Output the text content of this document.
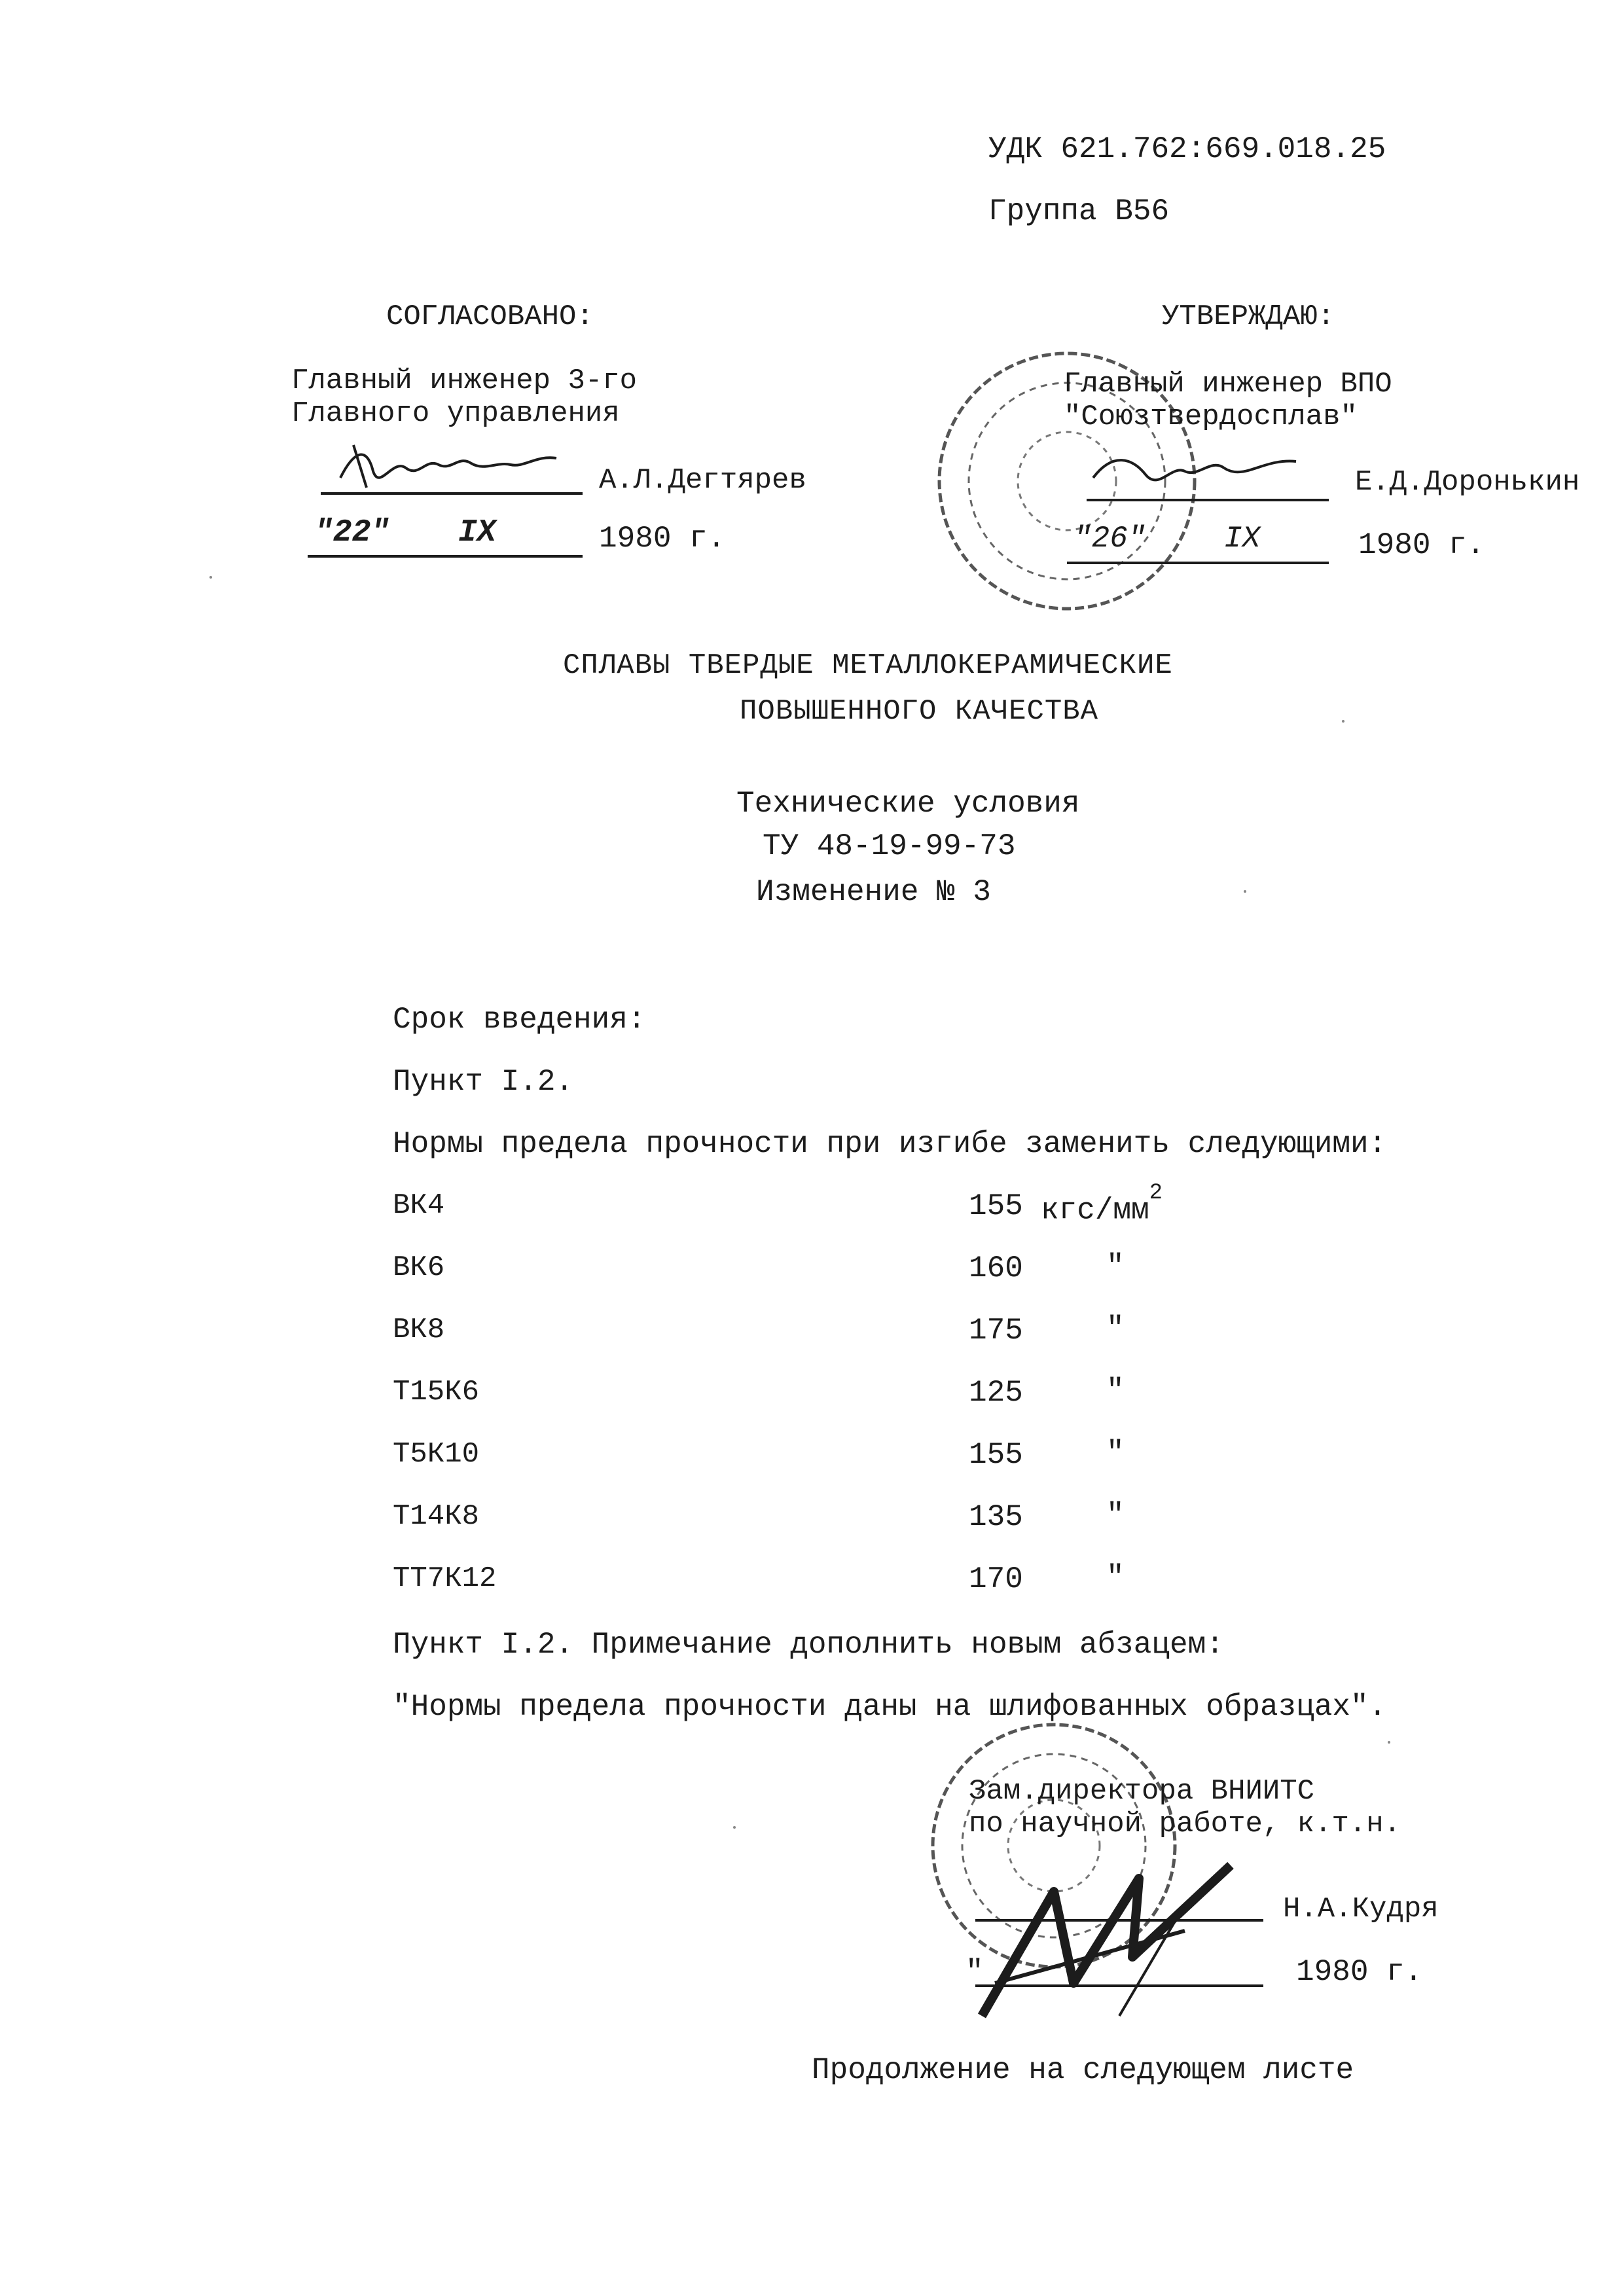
УДК 621.762:669.018.25
Группа В56
СОГЛАСОВАНО:
Главный инженер 3-го
Главного управления
А.Л.Дегтярев
"22" IX	1980 г.
УТВЕРЖДАЮ:
Главный инженер ВПО
"Союзтвердосплав"
Е.Д.Доронькин
"26"	IX	1980 г.
СПЛАВЫ ТВЕРДЫЕ МЕТАЛЛОКЕРАМИЧЕСКИЕ
ПОВЫШЕННОГО КАЧЕСТВА
Технические условия
ТУ 48-19-99-73
Изменение № 3
Срок введения:
Пункт I.2.
Нормы предела прочности при изгибе заменить следующими:
ВК4	155 кгс/$мм^2$
ВК6	160	"
ВК8	175	"
Т15К6	125	"
Т5К10	155	"
Т14К8	135	"
ТТ7К12	170	"
Пункт I.2. Примечание дополнить новым абзацем:
"Нормы предела прочности даны на шлифованных образцах".
Зам.директора ВНИИТС
по научной работе, к.т.н.
Н.А.Кудря
"	1980 г.
Продолжение на следующем листе
